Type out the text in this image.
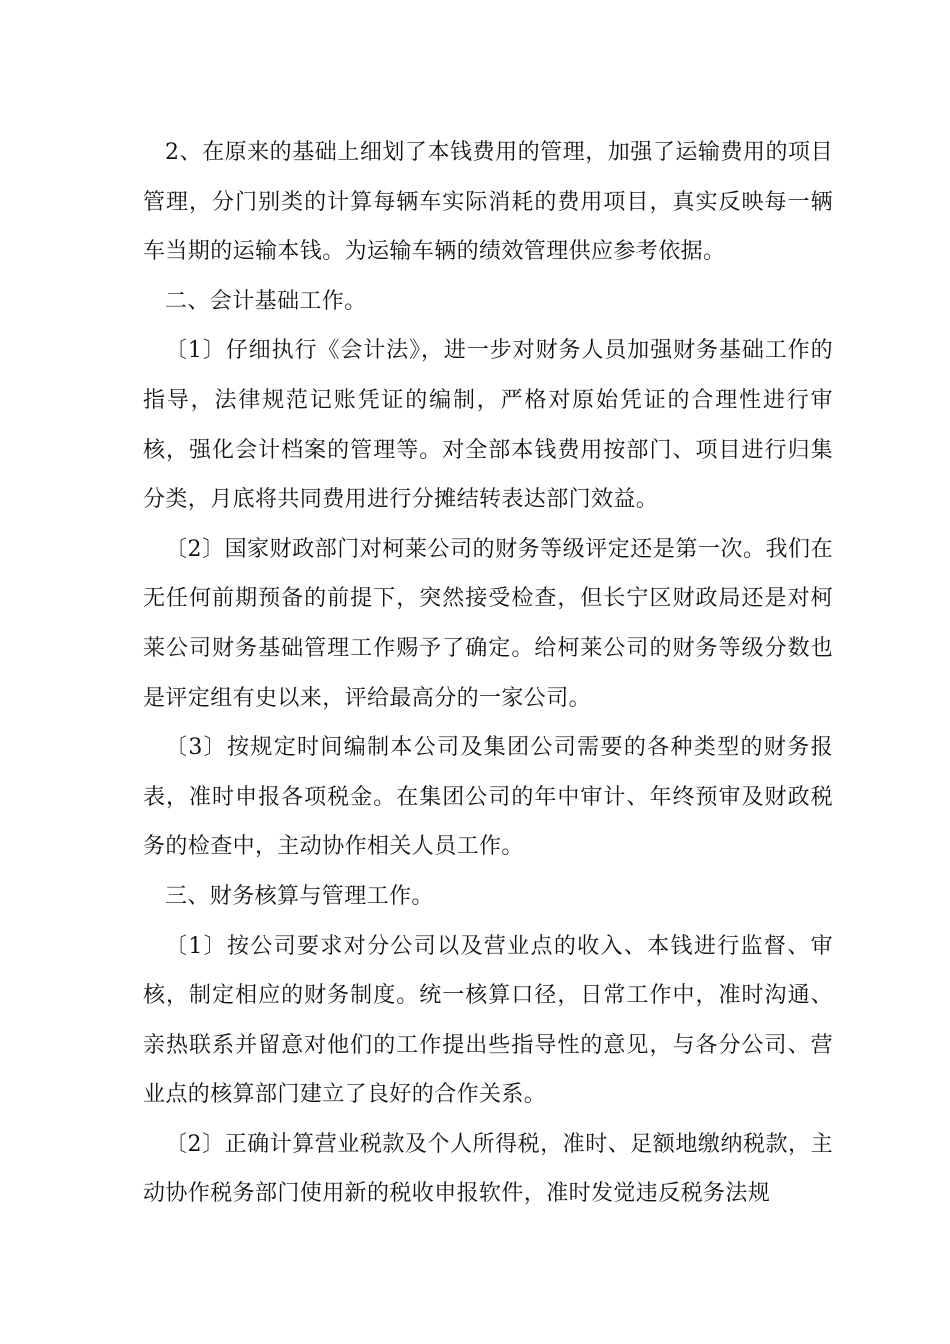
2、在原来的基础上细划了本钱费用的管理，加强了运输费用的项目管理，分门别类的计算每辆车实际消耗的费用项目，真实反映每一辆车当期的运输本钱。为运输车辆的绩效管理供应参考依据。

二、会计基础工作。

〔1〕仔细执行《会计法》，进一步对财务人员加强财务基础工作的指导，法律规范记账凭证的编制，严格对原始凭证的合理性进行审核，强化会计档案的管理等。对全部本钱费用按部门、项目进行归集分类，月底将共同费用进行分摊结转表达部门效益。

〔2〕国家财政部门对柯莱公司的财务等级评定还是第一次。我们在无任何前期预备的前提下，突然接受检查，但长宁区财政局还是对柯莱公司财务基础管理工作赐予了确定。给柯莱公司的财务等级分数也是评定组有史以来，评给最高分的一家公司。

〔3〕按规定时间编制本公司及集团公司需要的各种类型的财务报表，准时申报各项税金。在集团公司的年中审计、年终预审及财政税务的检查中，主动协作相关人员工作。

三、财务核算与管理工作。

〔1〕按公司要求对分公司以及营业点的收入、本钱进行监督、审核，制定相应的财务制度。统一核算口径，日常工作中，准时沟通、亲热联系并留意对他们的工作提出些指导性的意见，与各分公司、营业点的核算部门建立了良好的合作关系。

〔2〕正确计算营业税款及个人所得税，准时、足额地缴纳税款，主动协作税务部门使用新的税收申报软件，准时发觉违反税务法规
